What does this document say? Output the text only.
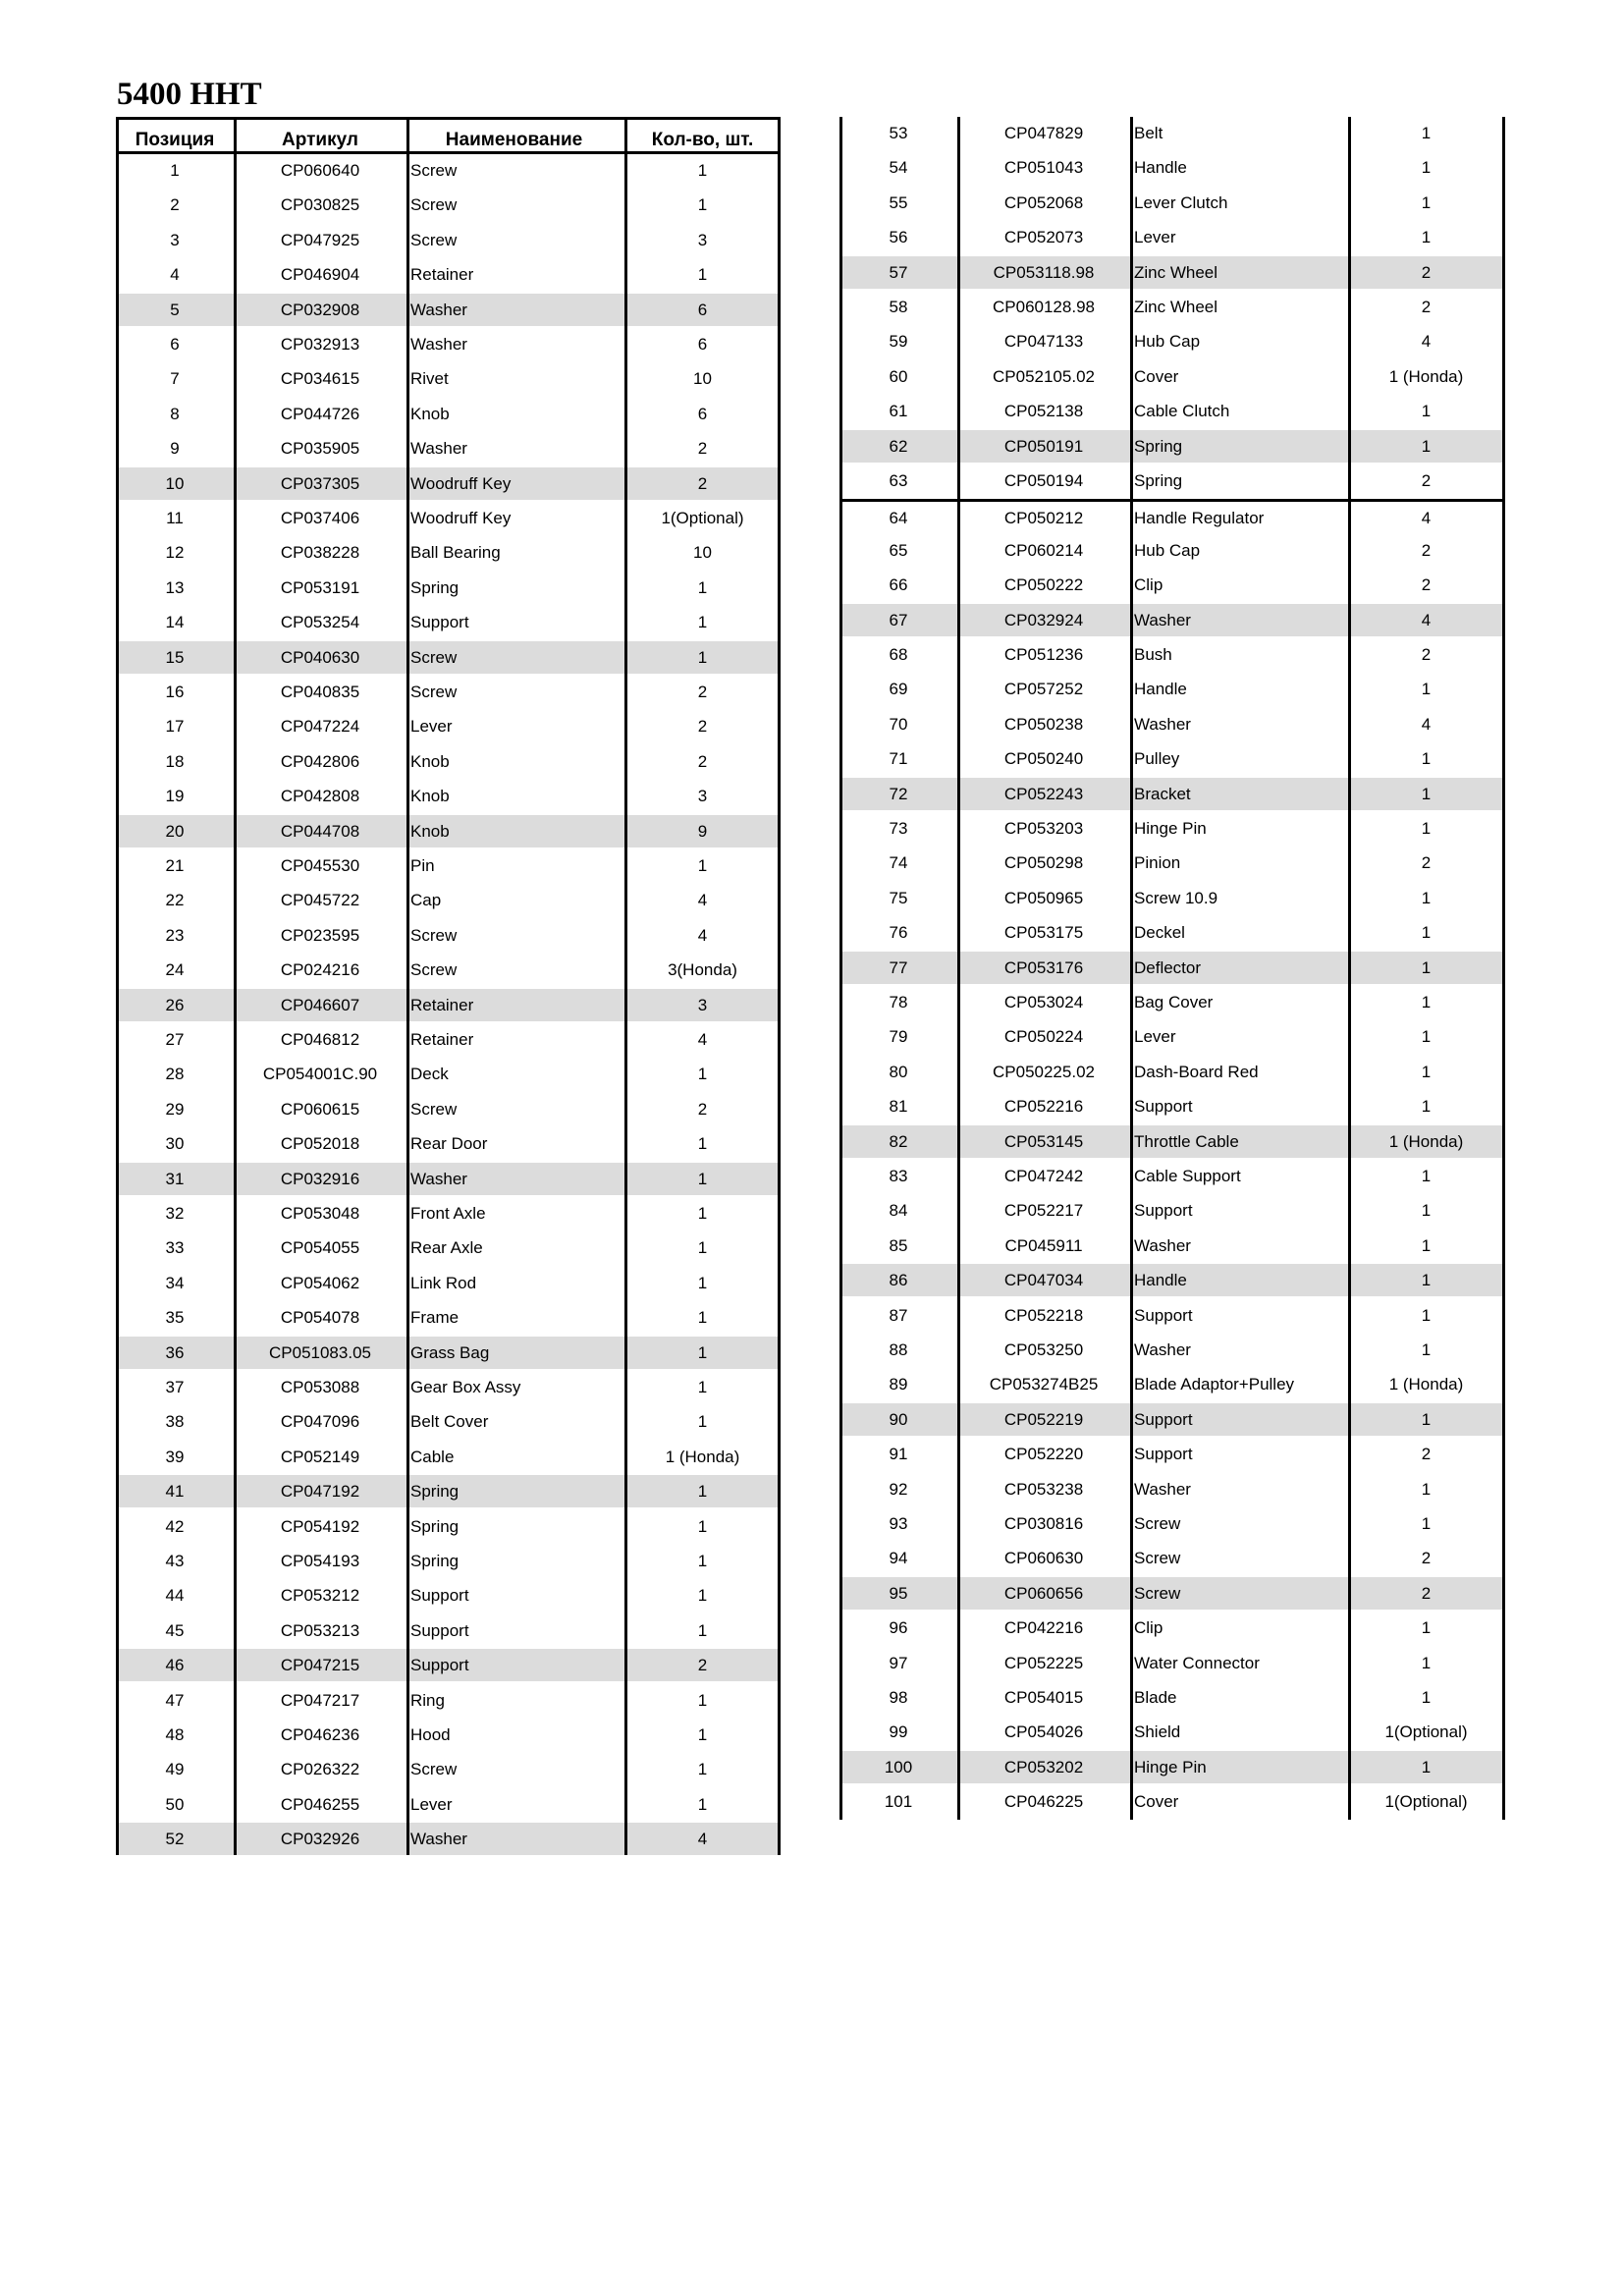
5400 HHT
Позиция	Артикул	Наименование	Кол-во, шт.
1	CP060640	Screw	1
2	CP030825	Screw	1
3	CP047925	Screw	3
4	CP046904	Retainer	1
5	CP032908	Washer	6
6	CP032913	Washer	6
7	CP034615	Rivet	10
8	CP044726	Knob	6
9	CP035905	Washer	2
10	CP037305	Woodruff Key	2
11	CP037406	Woodruff Key	1(Optional)
12	CP038228	Ball Bearing	10
13	CP053191	Spring	1
14	CP053254	Support	1
15	CP040630	Screw	1
16	CP040835	Screw	2
17	CP047224	Lever	2
18	CP042806	Knob	2
19	CP042808	Knob	3
20	CP044708	Knob	9
21	CP045530	Pin	1
22	CP045722	Cap	4
23	CP023595	Screw	4
24	CP024216	Screw	3(Honda)
26	CP046607	Retainer	3
27	CP046812	Retainer	4
28	CP054001C.90	Deck	1
29	CP060615	Screw	2
30	CP052018	Rear Door	1
31	CP032916	Washer	1
32	CP053048	Front Axle	1
33	CP054055	Rear Axle	1
34	CP054062	Link Rod	1
35	CP054078	Frame	1
36	CP051083.05	Grass Bag	1
37	CP053088	Gear Box Assy	1
38	CP047096	Belt Cover	1
39	CP052149	Cable	1 (Honda)
41	CP047192	Spring	1
42	CP054192	Spring	1
43	CP054193	Spring	1
44	CP053212	Support	1
45	CP053213	Support	1
46	CP047215	Support	2
47	CP047217	Ring	1
48	CP046236	Hood	1
49	CP026322	Screw	1
50	CP046255	Lever	1
52	CP032926	Washer	4
53	CP047829	Belt	1
54	CP051043	Handle	1
55	CP052068	Lever Clutch	1
56	CP052073	Lever	1
57	CP053118.98	Zinc Wheel	2
58	CP060128.98	Zinc Wheel	2
59	CP047133	Hub Cap	4
60	CP052105.02	Cover	1 (Honda)
61	CP052138	Cable Clutch	1
62	CP050191	Spring	1
63	CP050194	Spring	2
64	CP050212	Handle Regulator	4
65	CP060214	Hub Cap	2
66	CP050222	Clip	2
67	CP032924	Washer	4
68	CP051236	Bush	2
69	CP057252	Handle	1
70	CP050238	Washer	4
71	CP050240	Pulley	1
72	CP052243	Bracket	1
73	CP053203	Hinge Pin	1
74	CP050298	Pinion	2
75	CP050965	Screw 10.9	1
76	CP053175	Deckel	1
77	CP053176	Deflector	1
78	CP053024	Bag Cover	1
79	CP050224	Lever	1
80	CP050225.02	Dash-Board Red	1
81	CP052216	Support	1
82	CP053145	Throttle Cable	1 (Honda)
83	CP047242	Cable Support	1
84	CP052217	Support	1
85	CP045911	Washer	1
86	CP047034	Handle	1
87	CP052218	Support	1
88	CP053250	Washer	1
89	CP053274B25	Blade Adaptor+Pulley	1 (Honda)
90	CP052219	Support	1
91	CP052220	Support	2
92	CP053238	Washer	1
93	CP030816	Screw	1
94	CP060630	Screw	2
95	CP060656	Screw	2
96	CP042216	Clip	1
97	CP052225	Water Connector	1
98	CP054015	Blade	1
99	CP054026	Shield	1(Optional)
100	CP053202	Hinge Pin	1
101	CP046225	Cover	1(Optional)
